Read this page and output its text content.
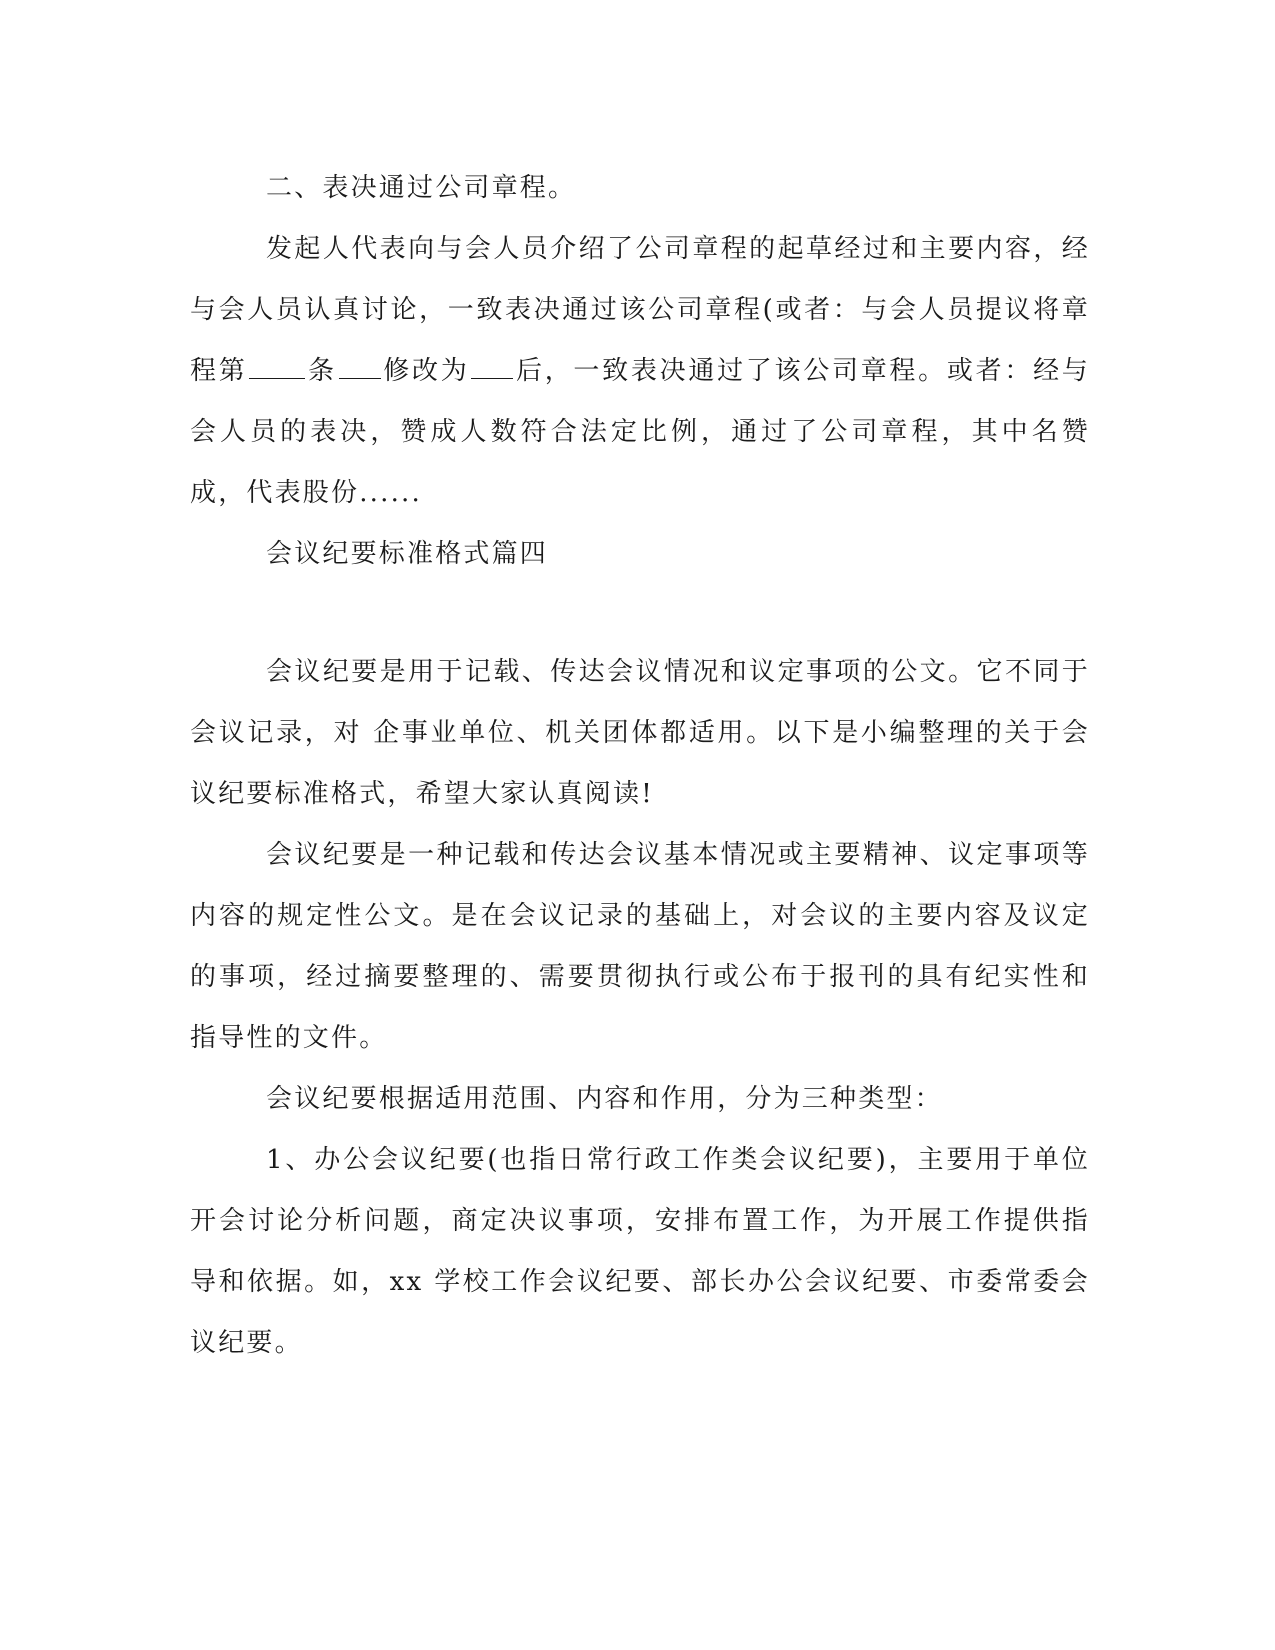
二、表决通过公司章程。

发起人代表向与会人员介绍了公司章程的起草经过和主要内容，经与会人员认真讨论，一致表决通过该公司章程(或者：与会人员提议将章程第 条 修改为 后，一致表决通过了该公司章程。或者：经与会人员的表决，赞成人数符合法定比例，通过了公司章程，其中名赞成，代表股份......

会议纪要标准格式篇四

会议纪要是用于记载、传达会议情况和议定事项的公文。它不同于会议记录，对 企事业单位、机关团体都适用。以下是小编整理的关于会议纪要标准格式，希望大家认真阅读!

会议纪要是一种记载和传达会议基本情况或主要精神、议定事项等内容的规定性公文。是在会议记录的基础上，对会议的主要内容及议定的事项，经过摘要整理的、需要贯彻执行或公布于报刊的具有纪实性和指导性的文件。

会议纪要根据适用范围、内容和作用，分为三种类型：

1、办公会议纪要(也指日常行政工作类会议纪要)，主要用于单位开会讨论分析问题，商定决议事项，安排布置工作，为开展工作提供指导和依据。如，xx 学校工作会议纪要、部长办公会议纪要、市委常委会议纪要。
